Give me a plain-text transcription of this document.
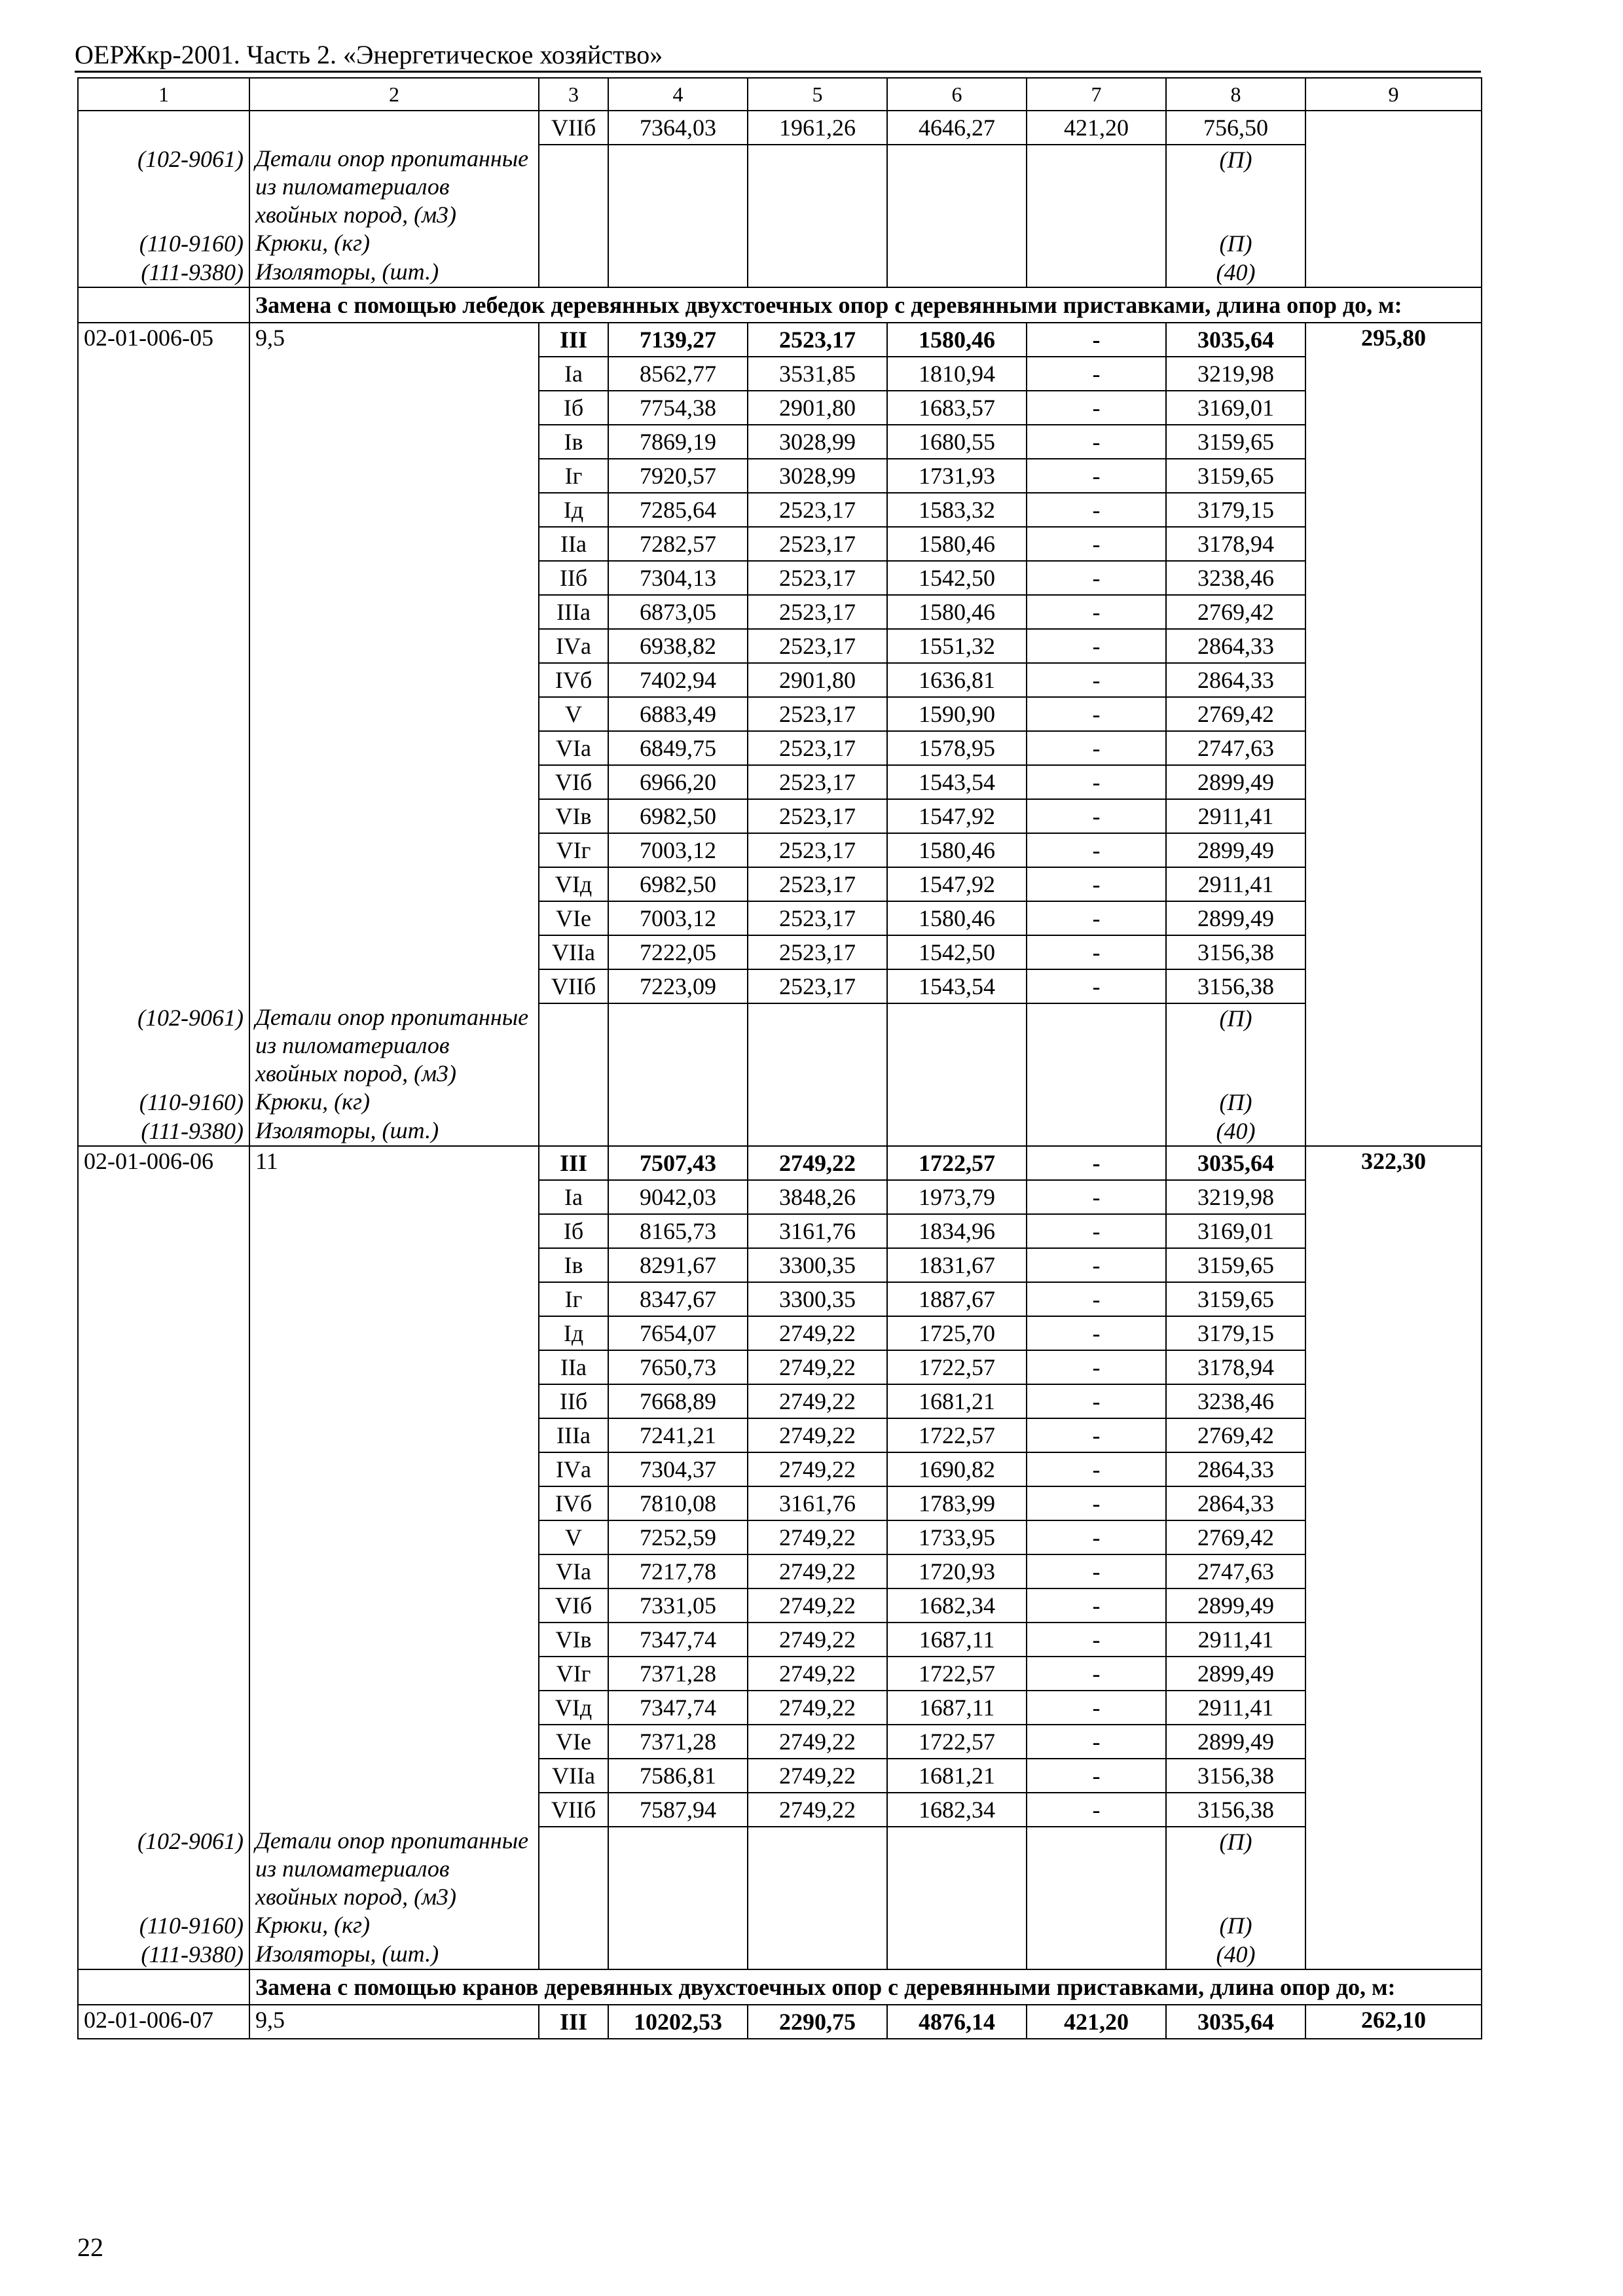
ОЕРЖкр-2001. Часть 2. «Энергетическое хозяйство»
1	2	3	4	5	6	7	8	9
		VIIб	7364,03	1961,26	4646,27	421,20	756,50	
(102-9061)	Детали опор пропитанные из пиломатериалов хвойных пород, (м3)						(П)	
(110-9160)	Крюки, (кг)						(П)	
(111-9380)	Изоляторы, (шт.)						(40)	
	Замена с помощью лебедок деревянных двухстоечных опор с деревянными приставками, длина опор до, м:							
02-01-006-05	9,5	III	7139,27	2523,17	1580,46	-	3035,64	295,80
		Iа	8562,77	3531,85	1810,94	-	3219,98	
		Iб	7754,38	2901,80	1683,57	-	3169,01	
		Iв	7869,19	3028,99	1680,55	-	3159,65	
		Iг	7920,57	3028,99	1731,93	-	3159,65	
		Iд	7285,64	2523,17	1583,32	-	3179,15	
		IIа	7282,57	2523,17	1580,46	-	3178,94	
		IIб	7304,13	2523,17	1542,50	-	3238,46	
		IIIа	6873,05	2523,17	1580,46	-	2769,42	
		IVа	6938,82	2523,17	1551,32	-	2864,33	
		IVб	7402,94	2901,80	1636,81	-	2864,33	
		V	6883,49	2523,17	1590,90	-	2769,42	
		VIа	6849,75	2523,17	1578,95	-	2747,63	
		VIб	6966,20	2523,17	1543,54	-	2899,49	
		VIв	6982,50	2523,17	1547,92	-	2911,41	
		VIг	7003,12	2523,17	1580,46	-	2899,49	
		VIд	6982,50	2523,17	1547,92	-	2911,41	
		VIе	7003,12	2523,17	1580,46	-	2899,49	
		VIIа	7222,05	2523,17	1542,50	-	3156,38	
		VIIб	7223,09	2523,17	1543,54	-	3156,38	
(102-9061)	Детали опор пропитанные из пиломатериалов хвойных пород, (м3)						(П)	
(110-9160)	Крюки, (кг)						(П)	
(111-9380)	Изоляторы, (шт.)						(40)	
02-01-006-06	11	III	7507,43	2749,22	1722,57	-	3035,64	322,30
		Iа	9042,03	3848,26	1973,79	-	3219,98	
		Iб	8165,73	3161,76	1834,96	-	3169,01	
		Iв	8291,67	3300,35	1831,67	-	3159,65	
		Iг	8347,67	3300,35	1887,67	-	3159,65	
		Iд	7654,07	2749,22	1725,70	-	3179,15	
		IIа	7650,73	2749,22	1722,57	-	3178,94	
		IIб	7668,89	2749,22	1681,21	-	3238,46	
		IIIа	7241,21	2749,22	1722,57	-	2769,42	
		IVа	7304,37	2749,22	1690,82	-	2864,33	
		IVб	7810,08	3161,76	1783,99	-	2864,33	
		V	7252,59	2749,22	1733,95	-	2769,42	
		VIа	7217,78	2749,22	1720,93	-	2747,63	
		VIб	7331,05	2749,22	1682,34	-	2899,49	
		VIв	7347,74	2749,22	1687,11	-	2911,41	
		VIг	7371,28	2749,22	1722,57	-	2899,49	
		VIд	7347,74	2749,22	1687,11	-	2911,41	
		VIе	7371,28	2749,22	1722,57	-	2899,49	
		VIIа	7586,81	2749,22	1681,21	-	3156,38	
		VIIб	7587,94	2749,22	1682,34	-	3156,38	
(102-9061)	Детали опор пропитанные из пиломатериалов хвойных пород, (м3)						(П)	
(110-9160)	Крюки, (кг)						(П)	
(111-9380)	Изоляторы, (шт.)						(40)	
	Замена с помощью кранов деревянных двухстоечных опор с деревянными приставками, длина опор до, м:							
02-01-006-07	9,5	III	10202,53	2290,75	4876,14	421,20	3035,64	262,10
22
